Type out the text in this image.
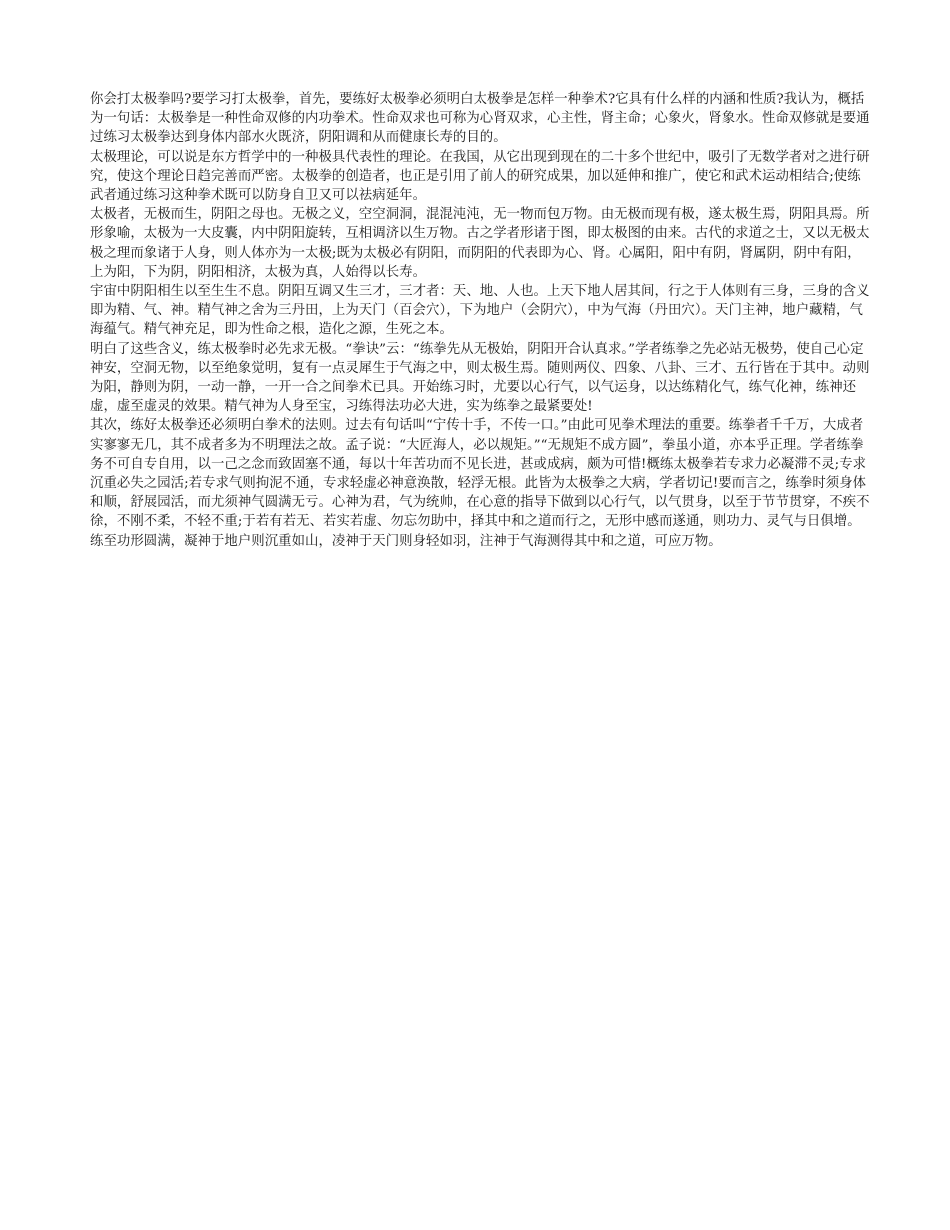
你会打太极拳吗?要学习打太极拳，首先，要练好太极拳必须明白太极拳是怎样一种拳术?它具有什么样的内涵和性质?我认为，概括为一句话：太极拳是一种性命双修的内功拳术。性命双求也可称为心肾双求，心主性，肾主命；心象火，肾象水。性命双修就是要通过练习太极拳达到身体内部水火既济，阴阳调和从而健康长寿的目的。

太极理论，可以说是东方哲学中的一种极具代表性的理论。在我国，从它出现到现在的二十多个世纪中，吸引了无数学者对之进行研究，使这个理论日趋完善而严密。太极拳的创造者，也正是引用了前人的研究成果，加以延伸和推广，使它和武术运动相结合;使练武者通过练习这种拳术既可以防身自卫又可以祛病延年。

太极者，无极而生，阴阳之母也。无极之义，空空洞洞，混混沌沌，无一物而包万物。由无极而现有极，遂太极生焉，阴阳具焉。所形象喻，太极为一大皮囊，内中阴阳旋转，互相调济以生万物。古之学者形诸于图，即太极图的由来。古代的求道之士，又以无极太极之理而象诸于人身，则人体亦为一太极;既为太极必有阴阳，而阴阳的代表即为心、肾。心属阳，阳中有阴，肾属阴，阴中有阳，上为阳，下为阴，阴阳相济，太极为真，人始得以长寿。

宇宙中阴阳相生以至生生不息。阴阳互调又生三才，三才者：天、地、人也。上天下地人居其间，行之于人体则有三身，三身的含义即为精、气、神。精气神之舍为三丹田，上为天门（百会穴），下为地户（会阴穴），中为气海（丹田穴）。天门主神，地户藏精，气海蕴气。精气神充足，即为性命之根，造化之源，生死之本。

明白了这些含义，练太极拳时必先求无极。“拳诀”云：“练拳先从无极始，阴阳开合认真求。”学者练拳之先必站无极势，使自己心定神安，空洞无物，以至绝象觉明，复有一点灵犀生于气海之中，则太极生焉。随则两仪、四象、八卦、三才、五行皆在于其中。动则为阳，静则为阴，一动一静，一开一合之间拳术已具。开始练习时，尤要以心行气，以气运身，以达练精化气，练气化神，练神还虚，虚至虚灵的效果。精气神为人身至宝，习练得法功必大进，实为练拳之最紧要处!

其次，练好太极拳还必须明白拳术的法则。过去有句话叫“宁传十手，不传一口。”由此可见拳术理法的重要。练拳者千千万，大成者实寥寥无几，其不成者多为不明理法之故。孟子说：“大匠海人，必以规矩。”“无规矩不成方圆”，拳虽小道，亦本乎正理。学者练拳务不可自专自用，以一己之念而致固塞不通，每以十年苦功而不见长进，甚或成病，颇为可惜!概练太极拳若专求力必凝滞不灵;专求沉重必失之园活;若专求气则拘泥不通，专求轻虚必神意涣散，轻浮无根。此皆为太极拳之大病，学者切记!要而言之，练拳时须身体和顺，舒展园活，而尤须神气圆满无亏。心神为君，气为统帅，在心意的指导下做到以心行气，以气贯身，以至于节节贯穿，不疾不徐，不刚不柔，不轻不重;于若有若无、若实若虚、勿忘勿助中，择其中和之道而行之，无形中感而遂通，则功力、灵气与日俱增。练至功形圆满，凝神于地户则沉重如山，凌神于天门则身轻如羽，注神于气海测得其中和之道，可应万物。
